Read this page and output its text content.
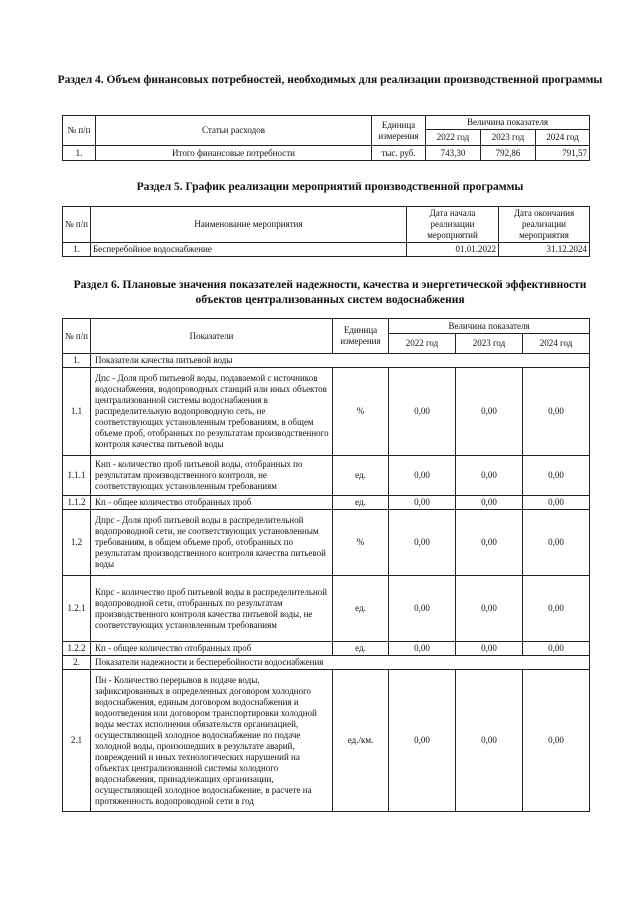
Раздел 4. Объем финансовых потребностей, необходимых для реализации производственной программы
№ п/п	Статьи расходов	Единица измерения	Величина показателя		
			2022 год	2023 год	2024 год
1.	Итого финансовые потребности	тыс. руб.	743,30	792,86	791,57
Раздел 5. График реализации мероприятий производственной программы
№ п/п	Наименование мероприятия	Дата начала реализации мероприятий	Дата окончания реализации мероприятия
1.	Бесперебойное водоснабжение	01.01.2022	31.12.2024
Раздел 6. Плановые значения показателей надежности, качества и энергетической эффективности объектов централизованных систем водоснабжения
№ п/п	Показатели	Единица измерения	Величина показателя		
			2022 год	2023 год	2024 год
1.	Показатели качества питьевой воды				
1.1	Дпс - Доля проб питьевой воды, подаваемой с источников водоснабжения, водопроводных станций или иных объектов централизованной системы водоснабжения в распределительную водопроводную сеть, не соответствующих установленным требованиям, в общем объеме проб, отобранных по результатам производственного контроля качества питьевой воды	%	0,00	0,00	0,00
1.1.1	Кнп - количество проб питьевой воды, отобранных по результатам производственного контроля, не соответствующих установленным требованиям	ед.	0,00	0,00	0,00
1.1.2	Кп - общее количество отобранных проб	ед.	0,00	0,00	0,00
1.2	Дпрс - Доля проб питьевой воды в распределительной водопроводной сети, не соответствующих установленным требованиям, в общем объеме проб, отобранных по результатам производственного контроля качества питьевой воды	%	0,00	0,00	0,00
1.2.1	Кпрс - количество проб питьевой воды в распределительной водопроводной сети, отобранных по результатам производственного контроля качества питьевой воды, не соответствующих установленным требованиям	ед.	0,00	0,00	0,00
1.2.2	Кп - общее количество отобранных проб	ед.	0,00	0,00	0,00
2.	Показатели надежности и бесперебойности водоснабжения				
2.1	Пн - Количество перерывов в подаче воды, зафиксированных в определенных договором холодного водоснабжения, единым договором водоснабжения и водоотведения или договором транспортировки холодной воды местах исполнения обязательств организацией, осуществляющей холодное водоснабжение по подаче холодной воды, произошедших в результате аварий, повреждений и иных технологических нарушений на объектах централизованной системы холодного водоснабжения, принадлежащих организации, осуществляющей холодное водоснабжение, в расчете на протяженность водопроводной сети в год	ед./км.	0,00	0,00	0,00
